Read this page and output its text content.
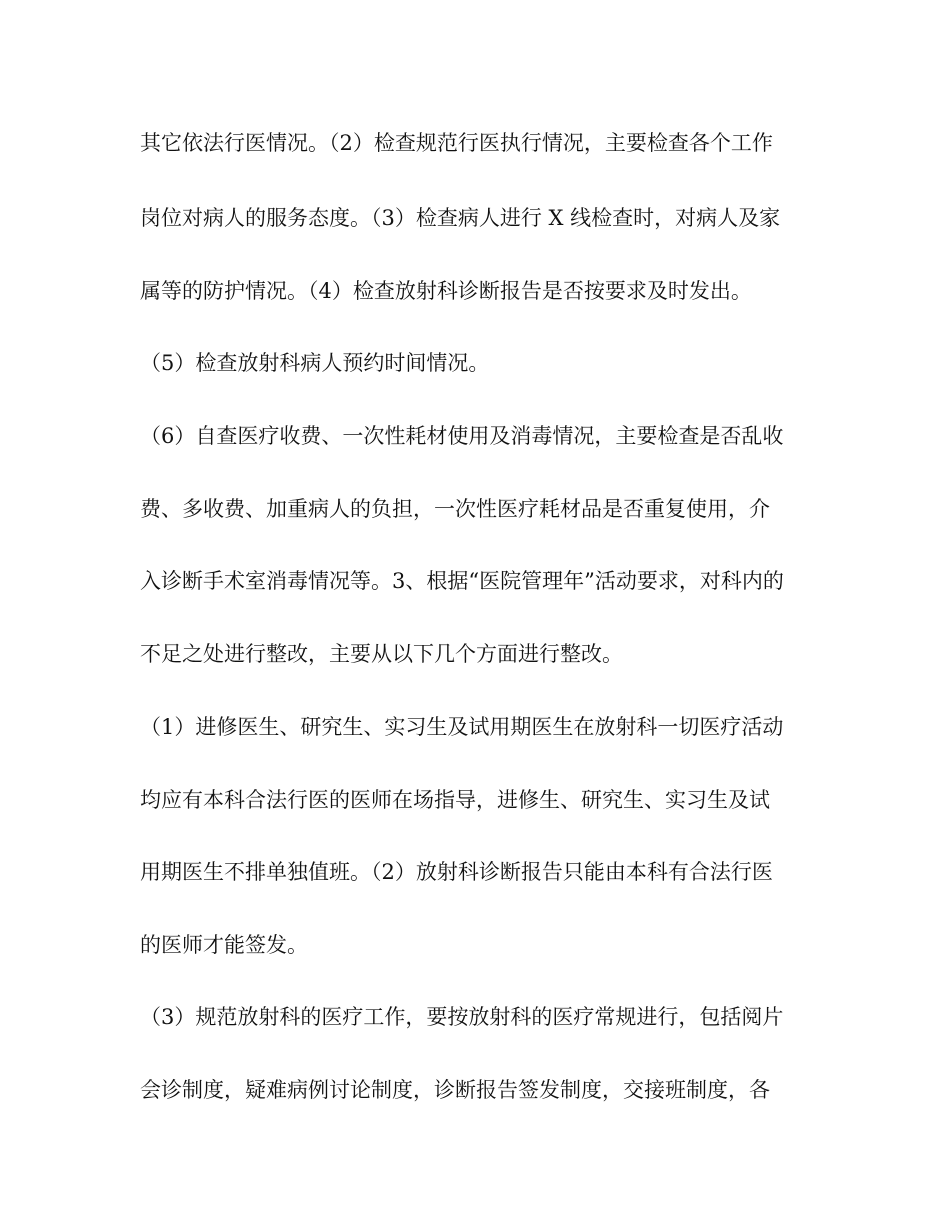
其它依法行医情况。（2）检查规范行医执行情况，主要检查各个工作
岗位对病人的服务态度。（3）检查病人进行 X 线检查时，对病人及家
属等的防护情况。（4）检查放射科诊断报告是否按要求及时发出。
（5）检查放射科病人预约时间情况。
（6）自查医疗收费、一次性耗材使用及消毒情况，主要检查是否乱收
费、多收费、加重病人的负担，一次性医疗耗材品是否重复使用，介
入诊断手术室消毒情况等。3、根据“医院管理年”活动要求，对科内的
不足之处进行整改，主要从以下几个方面进行整改。
（1）进修医生、研究生、实习生及试用期医生在放射科一切医疗活动
均应有本科合法行医的医师在场指导，进修生、研究生、实习生及试
用期医生不排单独值班。（2）放射科诊断报告只能由本科有合法行医
的医师才能签发。
（3）规范放射科的医疗工作，要按放射科的医疗常规进行，包括阅片
会诊制度，疑难病例讨论制度，诊断报告签发制度，交接班制度，各
